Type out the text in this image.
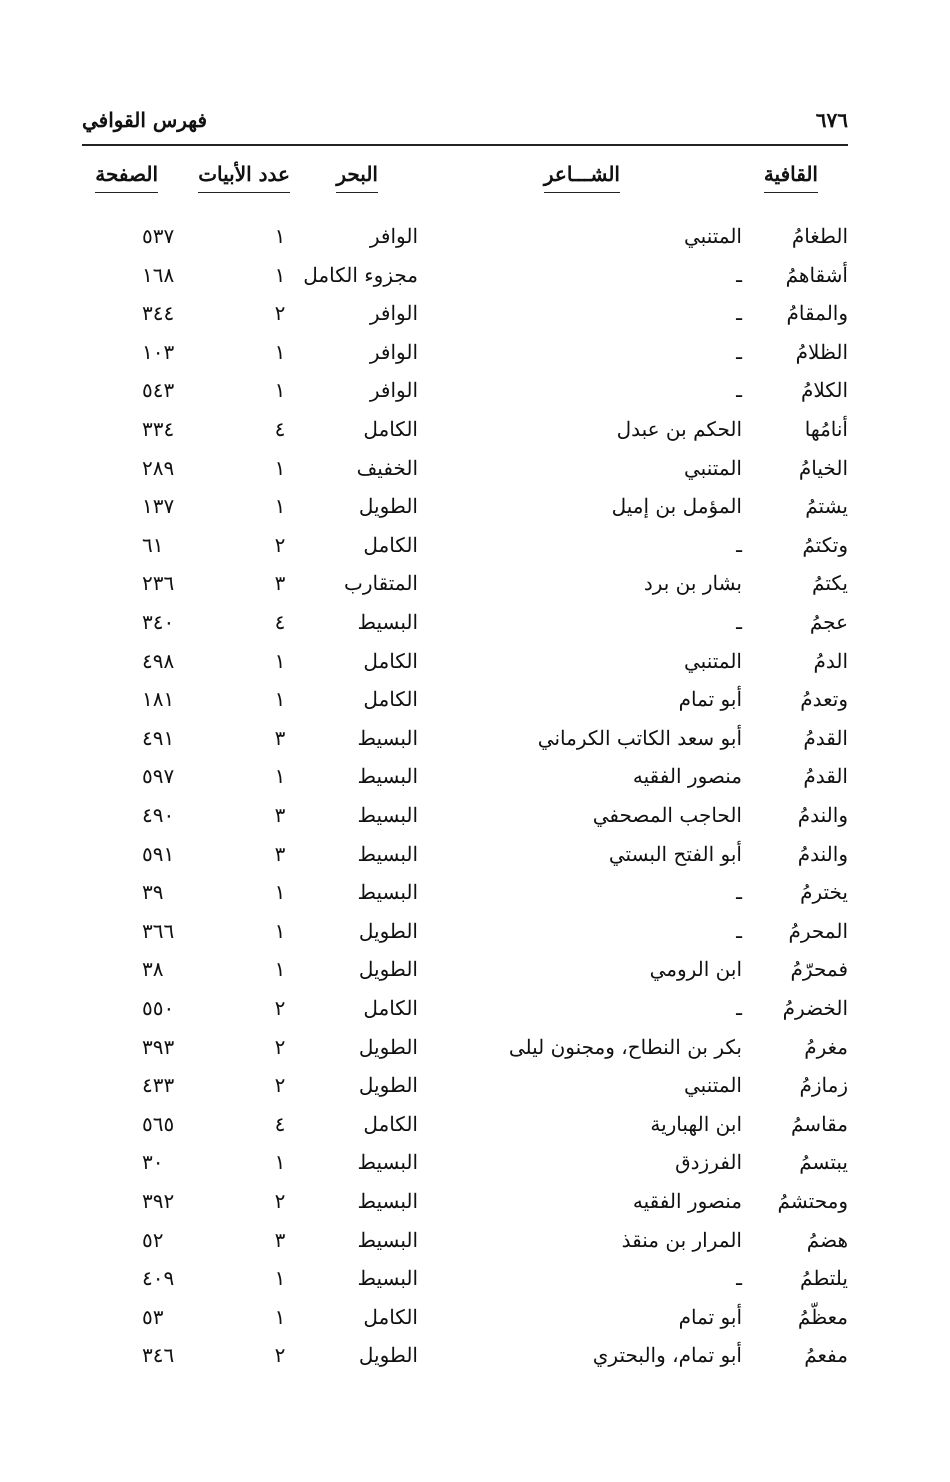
٦٧٦
فهرس القوافي
القافية
الشـــاعر
البحر
عدد الأبيات
الصفحة
الطغامُ
المتنبي
الوافر
١
٥٣٧
أشقاهمُ
ـ
مجزوء الكامل
١
١٦٨
والمقامُ
ـ
الوافر
٢
٣٤٤
الظلامُ
ـ
الوافر
١
١٠٣
الكلامُ
ـ
الوافر
١
٥٤٣
أنامُها
الحكم بن عبدل
الكامل
٤
٣٣٤
الخيامُ
المتنبي
الخفيف
١
٢٨٩
يشتمُ
المؤمل بن إميل
الطويل
١
١٣٧
وتكتمُ
ـ
الكامل
٢
٦١
يكتمُ
بشار بن برد
المتقارب
٣
٢٣٦
عجمُ
ـ
البسيط
٤
٣٤٠
الدمُ
المتنبي
الكامل
١
٤٩٨
وتعدمُ
أبو تمام
الكامل
١
١٨١
القدمُ
أبو سعد الكاتب الكرماني
البسيط
٣
٤٩١
القدمُ
منصور الفقيه
البسيط
١
٥٩٧
والندمُ
الحاجب المصحفي
البسيط
٣
٤٩٠
والندمُ
أبو الفتح البستي
البسيط
٣
٥٩١
يخترمُ
ـ
البسيط
١
٣٩
المحرمُ
ـ
الطويل
١
٣٦٦
فمحرّمُ
ابن الرومي
الطويل
١
٣٨
الخضرمُ
ـ
الكامل
٢
٥٥٠
مغرمُ
بكر بن النطاح، ومجنون ليلى
الطويل
٢
٣٩٣
زمازمُ
المتنبي
الطويل
٢
٤٣٣
مقاسمُ
ابن الهبارية
الكامل
٤
٥٦٥
يبتسمُ
الفرزدق
البسيط
١
٣٠
ومحتشمُ
منصور الفقيه
البسيط
٢
٣٩٢
هضمُ
المرار بن منقذ
البسيط
٣
٥٢
يلتطمُ
ـ
البسيط
١
٤٠٩
معظّمُ
أبو تمام
الكامل
١
٥٣
مفعمُ
أبو تمام، والبحتري
الطويل
٢
٣٤٦
